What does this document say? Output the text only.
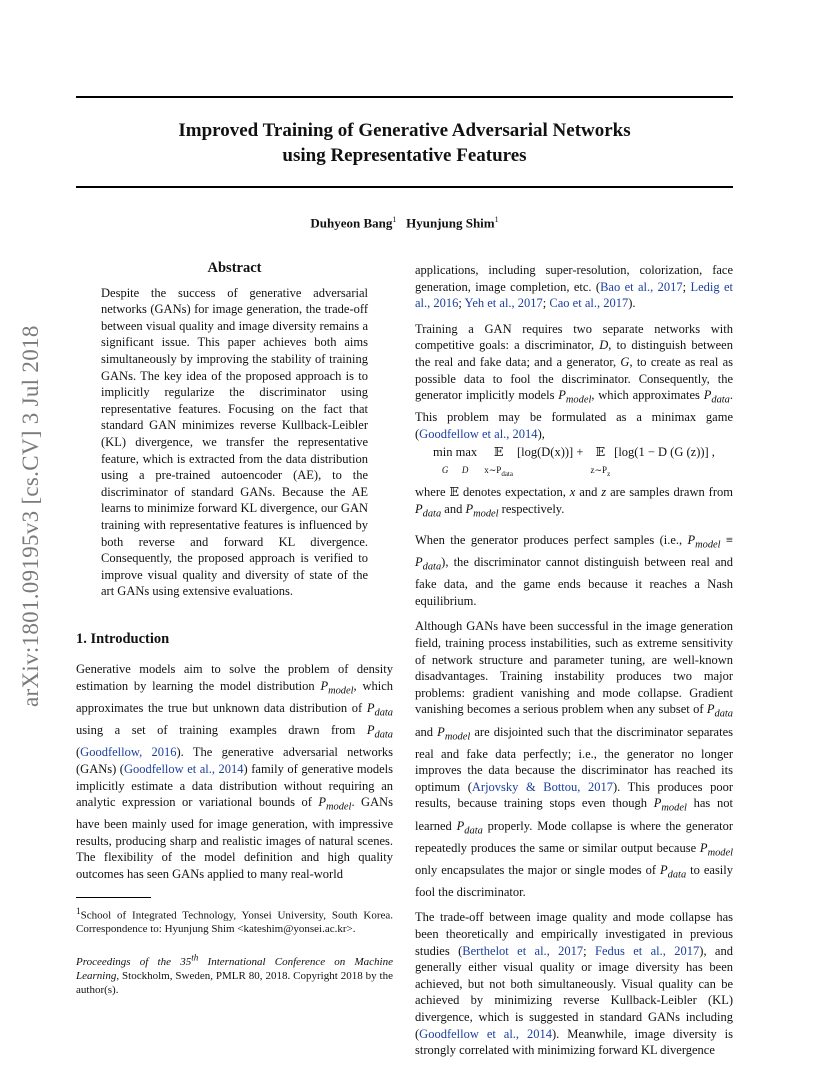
Improved Training of Generative Adversarial Networks
using Representative Features
Duhyeon Bang$^1$ Hyunjung Shim$^1$
arXiv:1801.09195v3 [cs.CV] 3 Jul 2018
Abstract
Despite the success of generative adversarial networks (GANs) for image generation, the trade-off between visual quality and image diversity remains a significant issue. This paper achieves both aims simultaneously by improving the stability of training GANs. The key idea of the proposed approach is to implicitly regularize the discriminator using representative features. Focusing on the fact that standard GAN minimizes reverse Kullback-Leibler (KL) divergence, we transfer the representative feature, which is extracted from the data distribution using a pre-trained autoencoder (AE), to the discriminator of standard GANs. Because the AE learns to minimize forward KL divergence, our GAN training with representative features is influenced by both reverse and forward KL divergence. Consequently, the proposed approach is verified to improve visual quality and diversity of state of the art GANs using extensive evaluations.
1. Introduction

Generative models aim to solve the problem of density estimation by learning the model distribution $P_{model}$, which approximates the true but unknown data distribution of $P_{data}$ using a set of training examples drawn from $P_{data}$ (Goodfellow, 2016). The generative adversarial networks (GANs) (Goodfellow et al., 2014) family of generative models implicitly estimate a data distribution without requiring an analytic expression or variational bounds of $P_{model}$. GANs have been mainly used for image generation, with impressive results, producing sharp and realistic images of natural scenes. The flexibility of the model definition and high quality outcomes has seen GANs applied to many real-world

$^1$School of Integrated Technology, Yonsei University, South Korea. Correspondence to: Hyunjung Shim <kateshim@yonsei.ac.kr>.
Proceedings of the 35th International Conference on Machine Learning, Stockholm, Sweden, PMLR 80, 2018. Copyright 2018 by the author(s).

applications, including super-resolution, colorization, face generation, image completion, etc. (Bao et al., 2017; Ledig et al., 2016; Yeh et al., 2017; Cao et al., 2017).

Training a GAN requires two separate networks with competitive goals: a discriminator, D, to distinguish between the real and fake data; and a generator, G, to create as real as possible data to fool the discriminator. Consequently, the generator implicitly models $P_{model}$, which approximates $P_{data}$. This problem may be formulated as a minimax game (Goodfellow et al., 2014),

min max
G      D 𝔼
$x\sim P_{data}[\log(D(x))]$ + 𝔼
$z\sim P_z[\log(1 - D$ (G (z))] ,

where 𝔼 denotes expectation, x and z are samples drawn from $P_{data}$ and $P_{model}$ respectively.

When the generator produces perfect samples (i.e., $P_{model} \equiv P_{data}$), the discriminator cannot distinguish between real and fake data, and the game ends because it reaches a Nash equilibrium.

Although GANs have been successful in the image generation field, training process instabilities, such as extreme sensitivity of network structure and parameter tuning, are well-known disadvantages. Training instability produces two major problems: gradient vanishing and mode collapse. Gradient vanishing becomes a serious problem when any subset of $P_{data}$ and $P_{model}$ are disjointed such that the discriminator separates real and fake data perfectly; i.e., the generator no longer improves the data because the discriminator has reached its optimum (Arjovsky & Bottou, 2017). This produces poor results, because training stops even though $P_{model}$ has not learned $P_{data}$ properly. Mode collapse is where the generator repeatedly produces the same or similar output because $P_{model}$ only encapsulates the major or single modes of $P_{data}$ to easily fool the discriminator.

The trade-off between image quality and mode collapse has been theoretically and empirically investigated in previous studies (Berthelot et al., 2017; Fedus et al., 2017), and generally either visual quality or image diversity has been achieved, but not both simultaneously. Visual quality can be achieved by minimizing reverse Kullback-Leibler (KL) divergence, which is suggested in standard GANs including (Goodfellow et al., 2014). Meanwhile, image diversity is strongly correlated with minimizing forward KL divergence
